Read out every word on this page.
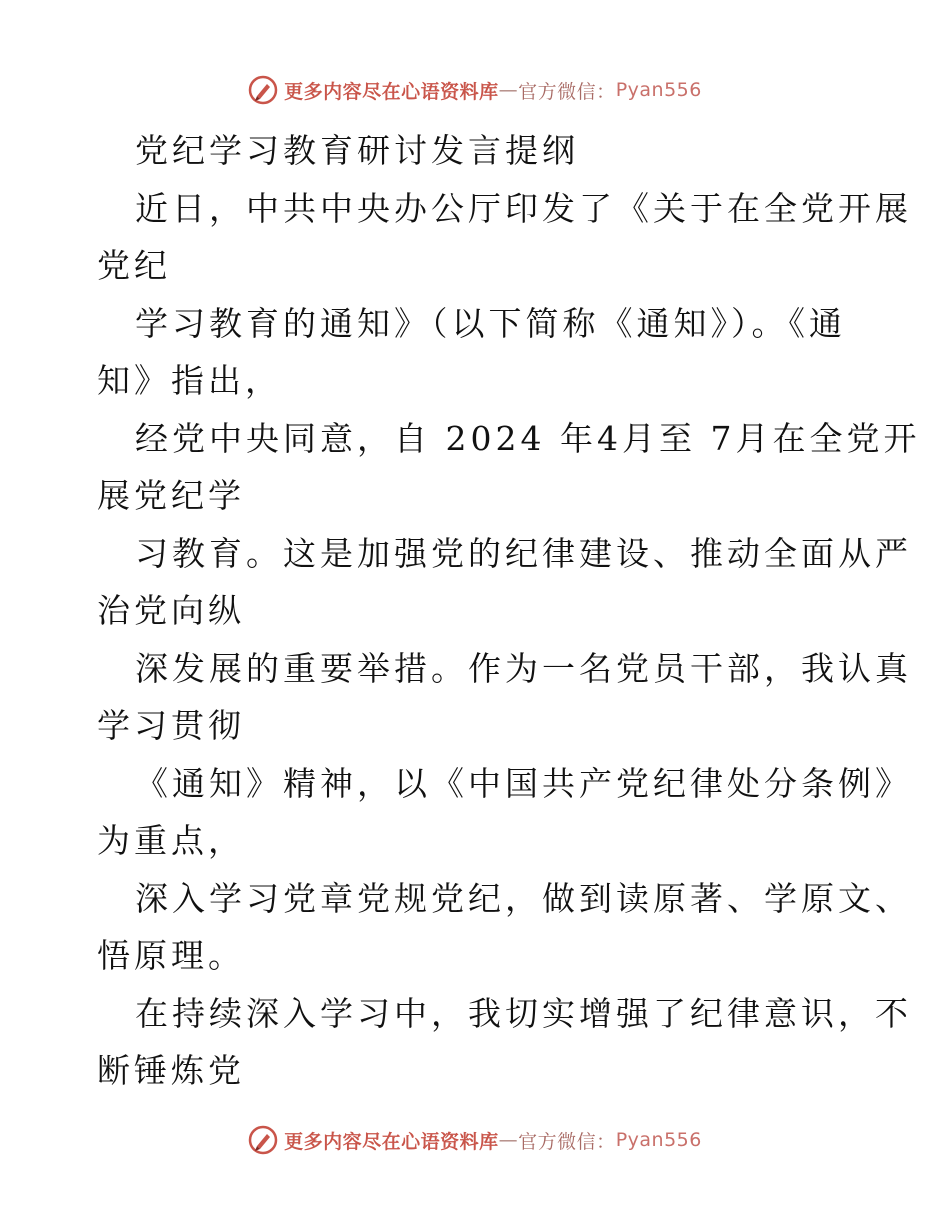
更多内容尽在心语资料库 — 官方微信： Pyan556
党纪学习教育研讨发言提纲
近日，中共中央办公厅印发了《关于在全党开展
党纪
学习教育的通知》（以下简称《通知》）。《通
知》指出，
经党中央同意，自 2024 年4月至 7月在全党开
展党纪学
习教育。这是加强党的纪律建设、推动全面从严
治党向纵
深发展的重要举措。作为一名党员干部，我认真
学习贯彻
《通知》精神，以《中国共产党纪律处分条例》
为重点，
深入学习党章党规党纪，做到读原著、学原文、
悟原理。
在持续深入学习中，我切实增强了纪律意识，不
断锤炼党
更多内容尽在心语资料库 — 官方微信： Pyan556
